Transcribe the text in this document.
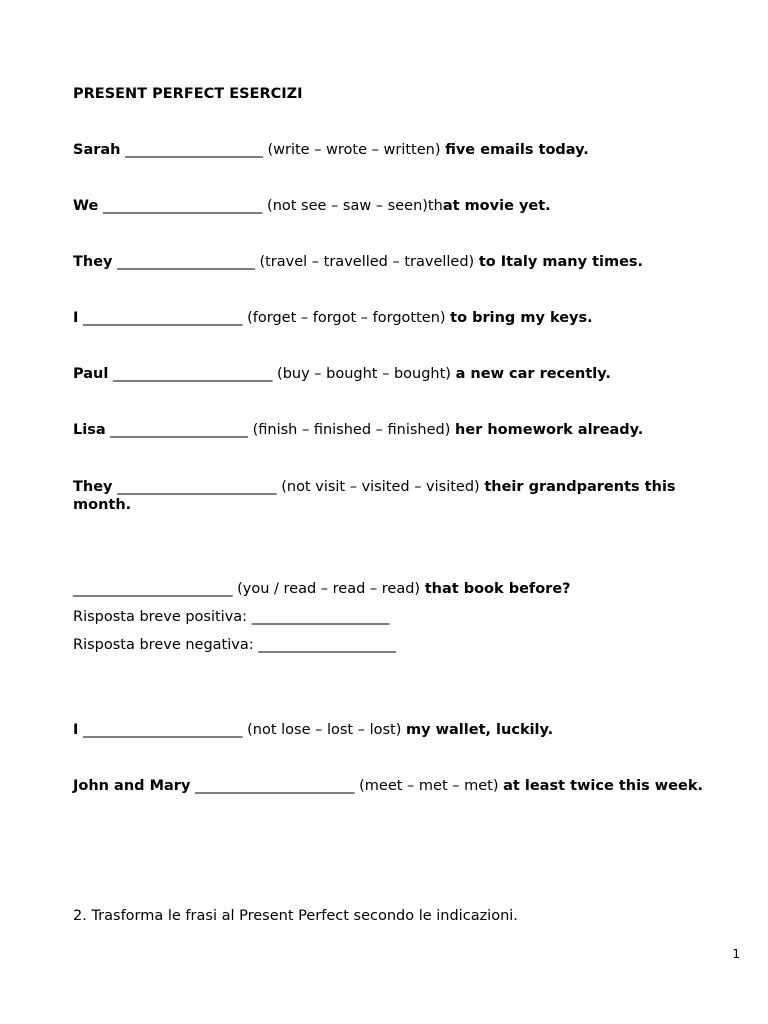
PRESENT PERFECT ESERCIZI
Sarah ___________________ (write – wrote – written) five emails today.
We ______________________ (not see – saw – seen)that movie yet.
They ___________________ (travel – travelled – travelled) to Italy many times.
I ______________________ (forget – forgot – forgotten) to bring my keys.
Paul ______________________ (buy – bought – bought) a new car recently.
Lisa ___________________ (finish – finished – finished) her homework already.
They ______________________ (not visit – visited – visited) their grandparents this month.
______________________ (you / read – read – read) that book before?
Risposta breve positiva: ___________________
Risposta breve negativa: ___________________
I ______________________ (not lose – lost – lost) my wallet, luckily.
John and Mary ______________________ (meet – met – met) at least twice this week.
2. Trasforma le frasi al Present Perfect secondo le indicazioni.
1
